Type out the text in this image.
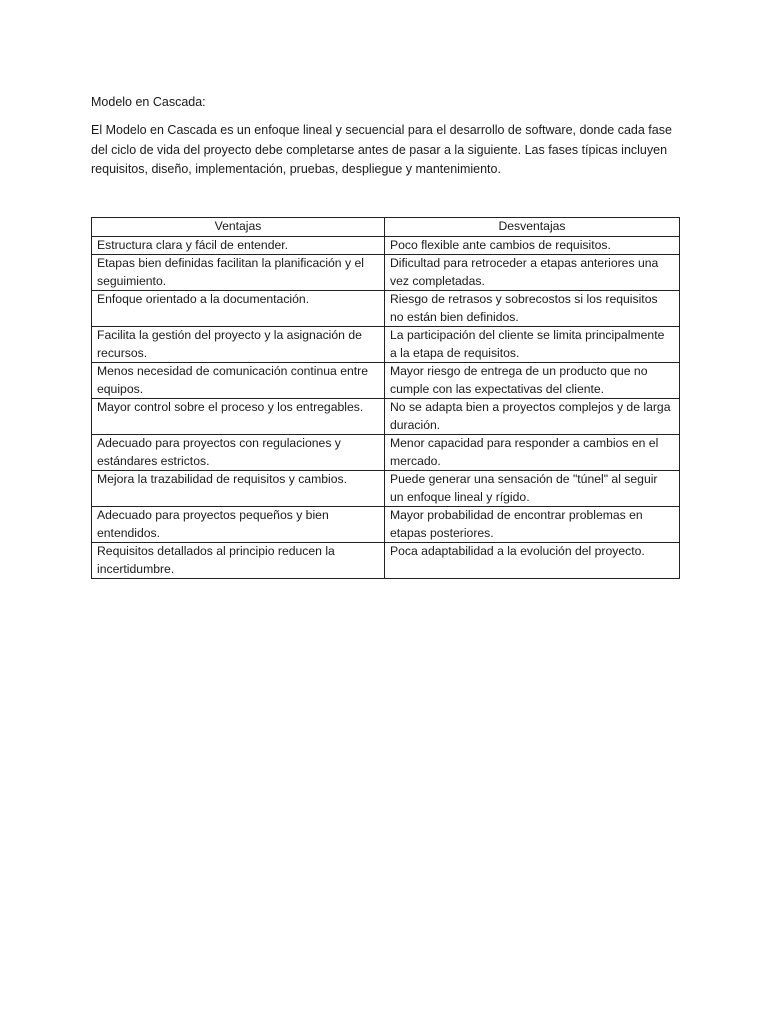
Modelo en Cascada:

El Modelo en Cascada es un enfoque lineal y secuencial para el desarrollo de software, donde cada fase del ciclo de vida del proyecto debe completarse antes de pasar a la siguiente. Las fases típicas incluyen requisitos, diseño, implementación, pruebas, despliegue y mantenimiento.

Ventajas	Desventajas
Estructura clara y fácil de entender.	Poco flexible ante cambios de requisitos.
Etapas bien definidas facilitan la planificación y el seguimiento.	Dificultad para retroceder a etapas anteriores una vez completadas.
Enfoque orientado a la documentación.	Riesgo de retrasos y sobrecostos si los requisitos no están bien definidos.
Facilita la gestión del proyecto y la asignación de recursos.	La participación del cliente se limita principalmente a la etapa de requisitos.
Menos necesidad de comunicación continua entre equipos.	Mayor riesgo de entrega de un producto que no cumple con las expectativas del cliente.
Mayor control sobre el proceso y los entregables.	No se adapta bien a proyectos complejos y de larga duración.
Adecuado para proyectos con regulaciones y estándares estrictos.	Menor capacidad para responder a cambios en el mercado.
Mejora la trazabilidad de requisitos y cambios.	Puede generar una sensación de "túnel" al seguir un enfoque lineal y rígido.
Adecuado para proyectos pequeños y bien entendidos.	Mayor probabilidad de encontrar problemas en etapas posteriores.
Requisitos detallados al principio reducen la incertidumbre.	Poca adaptabilidad a la evolución del proyecto.
